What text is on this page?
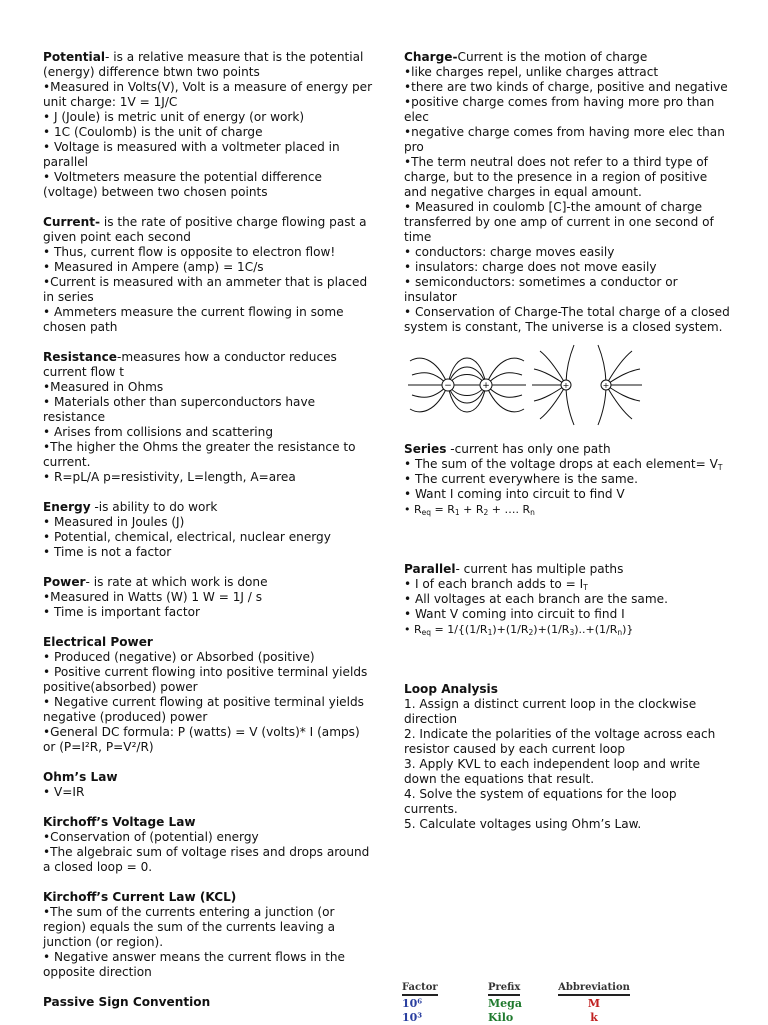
Potential- is a relative measure that is the potential (energy) difference btwn two points

•Measured in Volts(V), Volt is a measure of energy per unit charge: 1V = 1J/C

• J (Joule) is metric unit of energy (or work)

• 1C (Coulomb) is the unit of charge

• Voltage is measured with a voltmeter placed in parallel

• Voltmeters measure the potential difference (voltage) between two chosen points

Current- is the rate of positive charge flowing past a given point each second

• Thus, current flow is opposite to electron flow!

• Measured in Ampere (amp) = 1C/s

•Current is measured with an ammeter that is placed in series

• Ammeters measure the current flowing in some chosen path

Resistance-measures how a conductor reduces current flow t

•Measured in Ohms

• Materials other than superconductors have resistance

• Arises from collisions and scattering

•The higher the Ohms the greater the resistance to current.

• R=pL/A p=resistivity, L=length, A=area

Energy -is ability to do work

• Measured in Joules (J)

• Potential, chemical, electrical, nuclear energy

• Time is not a factor

Power- is rate at which work is done

•Measured in Watts (W) 1 W = 1J / s

• Time is important factor

Electrical Power

• Produced (negative) or Absorbed (positive)

• Positive current flowing into positive terminal yields positive(absorbed) power

• Negative current flowing at positive terminal yields negative (produced) power

•General DC formula: P (watts) = V (volts)* I (amps) or (P=I²R, P=V²/R)

Ohm’s Law

• V=IR

Kirchoff’s Voltage Law

•Conservation of (potential) energy

•The algebraic sum of voltage rises and drops around a closed loop = 0.

Kirchoff’s Current Law (KCL)

•The sum of the currents entering a junction (or region) equals the sum of the currents leaving a junction (or region).

• Negative answer means the current flows in the opposite direction

Passive Sign Convention

Charge-Current is the motion of charge

•like charges repel, unlike charges attract

•there are two kinds of charge, positive and negative

•positive charge comes from having more pro than elec

•negative charge comes from having more elec than pro

•The term neutral does not refer to a third type of charge, but to the presence in a region of positive and negative charges in equal amount.

• Measured in coulomb [C]-the amount of charge transferred by one amp of current in one second of time

• conductors: charge moves easily

• insulators: charge does not move easily

• semiconductors: sometimes a conductor or insulator

• Conservation of Charge-The total charge of a closed system is constant, The universe is a closed system.

−	+	+	+

Series -current has only one path

• The sum of the voltage drops at each element= $V_T$

• The current everywhere is the same.

• Want I coming into circuit to find V

• $R_{eq} = R_1 + R_2$ + …. $R_n$

Parallel- current has multiple paths

• I of each branch adds to = $I_T$

• All voltages at each branch are the same.

• Want V coming into circuit to find I

• $R_{eq} = 1/\{(1/R_1)+(1/R_2)+(1/R_3)..+(1/R_n)\}$

Loop Analysis

1. Assign a distinct current loop in the clockwise direction

2. Indicate the polarities of the voltage across each resistor caused by each current loop

3. Apply KVL to each independent loop and write down the equations that result.

4. Solve the system of equations for the loop currents.

5. Calculate voltages using Ohm’s Law.

Factor	Prefix	Abbreviation
10⁶	Mega	M
10³	Kilo	k
